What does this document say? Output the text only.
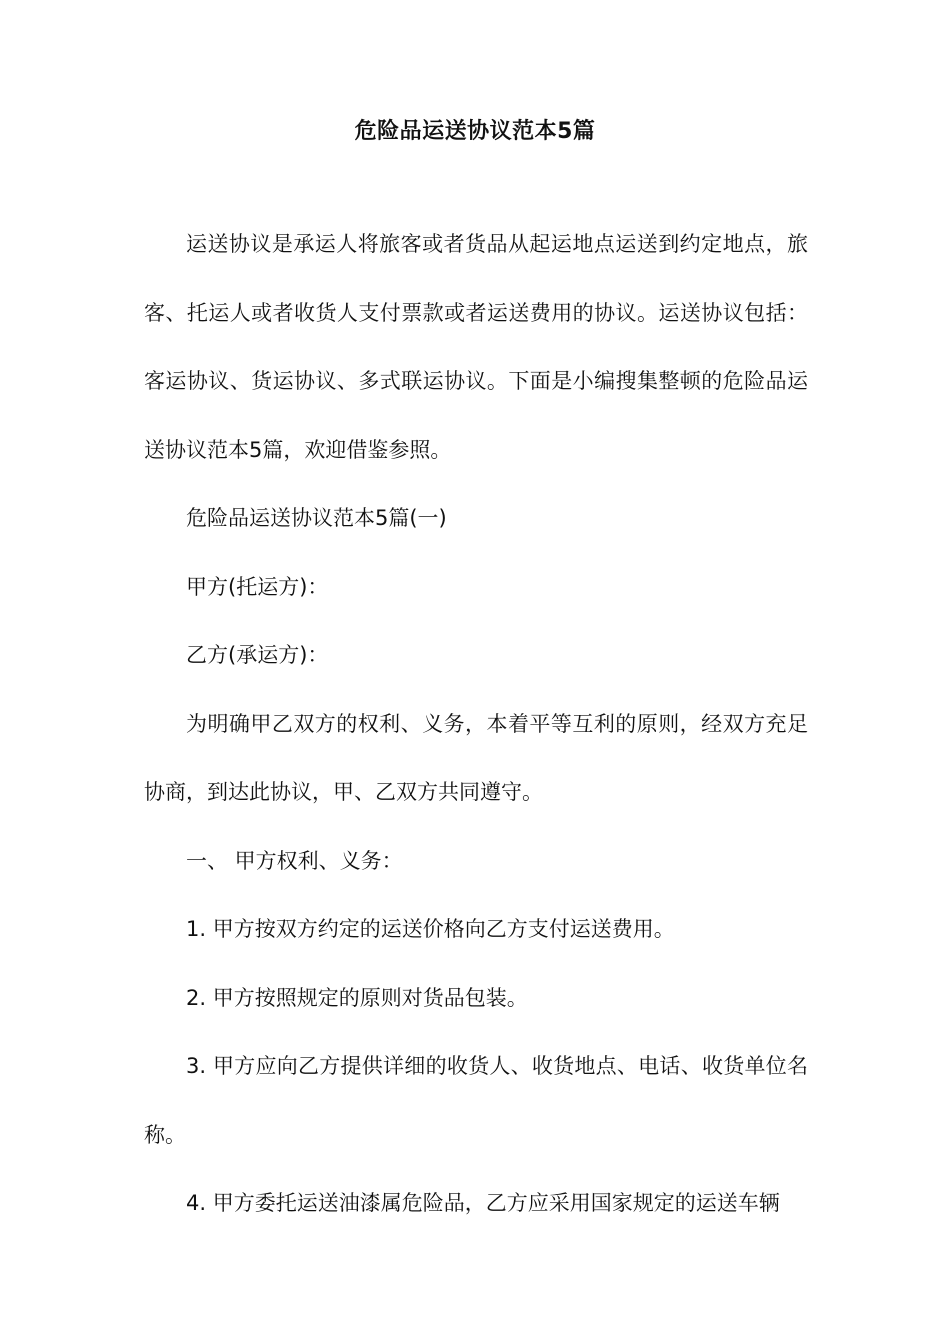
危险品运送协议范本5篇

运送协议是承运人将旅客或者货品从起运地点运送到约定地点，旅客、托运人或者收货人支付票款或者运送费用的协议。运送协议包括：客运协议、货运协议、多式联运协议。下面是小编搜集整顿的危险品运送协议范本5篇，欢迎借鉴参照。

危险品运送协议范本5篇(一)

甲方(托运方)：

乙方(承运方)：

为明确甲乙双方的权利、义务，本着平等互利的原则，经双方充足协商，到达此协议，甲、乙双方共同遵守。

一、 甲方权利、义务：

1. 甲方按双方约定的运送价格向乙方支付运送费用。

2. 甲方按照规定的原则对货品包装。

3. 甲方应向乙方提供详细的收货人、收货地点、电话、收货单位名称。

4. 甲方委托运送油漆属危险品，乙方应采用国家规定的运送车辆
